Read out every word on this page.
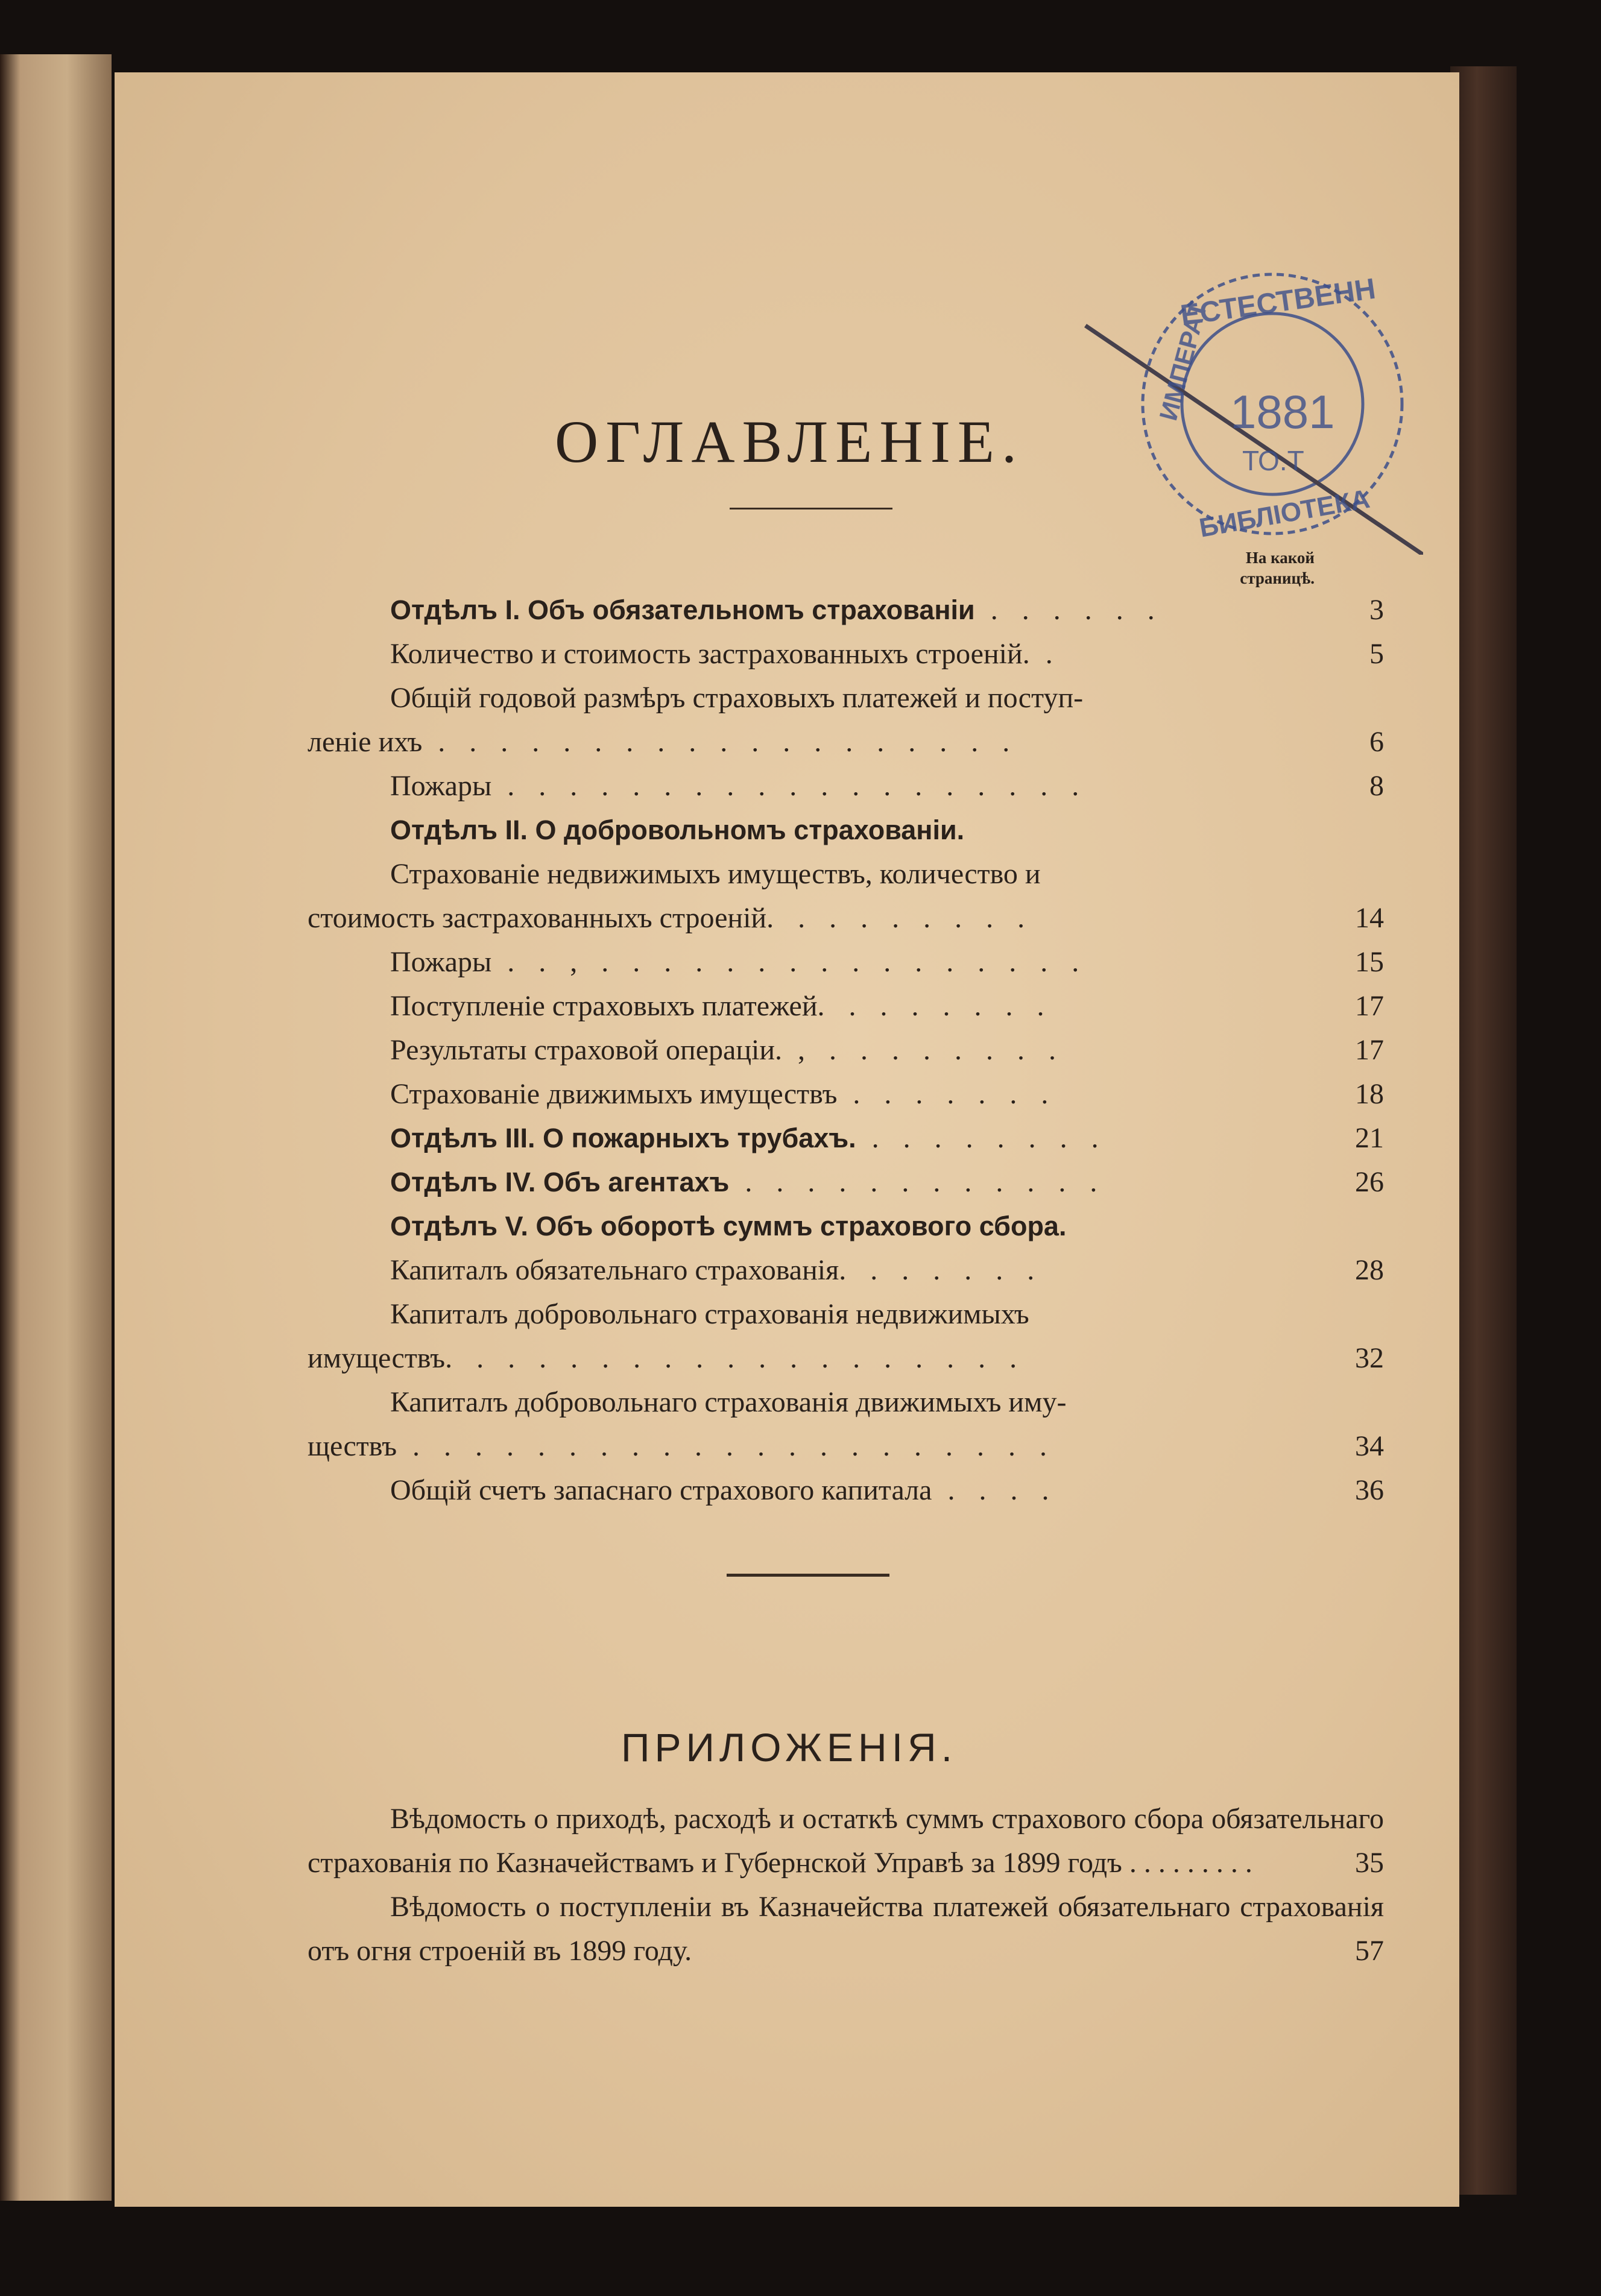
ОГЛАВЛЕНІЕ.
ЕСТЕСТВЕНН
ИМПЕРАТ
БИБЛІОТЕКА
1881
ТО.Т
На какой страницѣ.
Отдѣлъ I. Объ обязательномъ страхованіи . . . . . .	3
Количество и стоимость застрахованныхъ строеній. .	5
Общій годовой размѣръ страховыхъ платежей и поступ-
леніе ихъ . . . . . . . . . . . . . . . . . . .	6
Пожары . . . . . . . . . . . . . . . . . . .	8
Отдѣлъ II. О добровольномъ страхованіи.
Страхованіе недвижимыхъ имуществъ, количество и
стоимость застрахованныхъ строеній. . . . . . . . .	14
Пожары . . , . . . . . . . . . . . . . . . .	15
Поступленіе страховыхъ платежей. . . . . . . .	17
Результаты страховой операціи. , . . . . . . . .	17
Страхованіе движимыхъ имуществъ . . . . . . .	18
Отдѣлъ III. О пожарныхъ трубахъ. . . . . . . . .	21
Отдѣлъ IV. Объ агентахъ . . . . . . . . . . . .	26
Отдѣлъ V. Объ оборотѣ суммъ страхового сбора.
Капиталъ обязательнаго страхованія. . . . . . .	28
Капиталъ добровольнаго страхованія недвижимыхъ
имуществъ. . . . . . . . . . . . . . . . . . .	32
Капиталъ добровольнаго страхованія движимыхъ иму-
ществъ . . . . . . . . . . . . . . . . . . . . .	34
Общій счетъ запаснаго страхового капитала . . . .	36
ПРИЛОЖЕНІЯ.
Вѣдомость о приходѣ, расходѣ и остаткѣ суммъ страхового сбора обязательнаго страхованія по Казначействамъ и Губернской Управѣ за 1899 годъ . . . . . . . . .	35
Вѣдомость о поступленіи въ Казначейства платежей обязательнаго страхованія отъ огня строеній въ 1899 году.	57
